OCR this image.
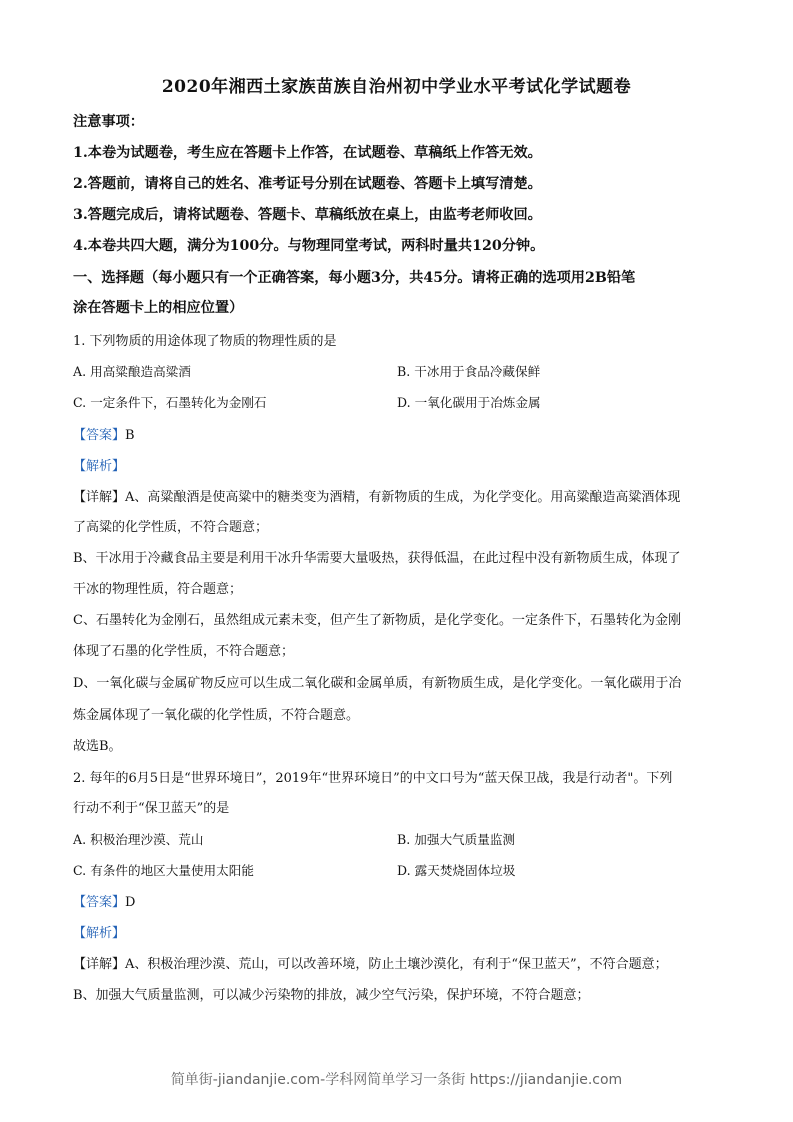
2020年湘西土家族苗族自治州初中学业水平考试化学试题卷
注意事项：
1.本卷为试题卷，考生应在答题卡上作答，在试题卷、草稿纸上作答无效。
2.答题前，请将自己的姓名、准考证号分别在试题卷、答题卡上填写清楚。
3.答题完成后，请将试题卷、答题卡、草稿纸放在桌上，由监考老师收回。
4.本卷共四大题，满分为100分。与物理同堂考试，两科时量共120分钟。
一、选择题（每小题只有一个正确答案，每小题3分，共45分。请将正确的选项用2B铅笔
涂在答题卡上的相应位置）
1. 下列物质的用途体现了物质的物理性质的是
A. 用高粱酿造高粱酒	B. 干冰用于食品冷藏保鲜
C. 一定条件下，石墨转化为金刚石	D. 一氧化碳用于冶炼金属
【答案】B
【解析】
【详解】A、高粱酿酒是使高粱中的糖类变为酒精，有新物质的生成，为化学变化。用高粱酿造高粱酒体现
了高粱的化学性质，不符合题意；
B、干冰用于冷藏食品主要是利用干冰升华需要大量吸热，获得低温，在此过程中没有新物质生成，体现了
干冰的物理性质，符合题意；
C、石墨转化为金刚石，虽然组成元素未变，但产生了新物质，是化学变化。一定条件下，石墨转化为金刚
体现了石墨的化学性质，不符合题意；
D、一氧化碳与金属矿物反应可以生成二氧化碳和金属单质，有新物质生成，是化学变化。一氧化碳用于冶
炼金属体现了一氧化碳的化学性质，不符合题意。
故选B。
2. 每年的6月5日是“世界环境日”，2019年“世界环境日”的中文口号为“蓝天保卫战，我是行动者"。下列
行动不利于“保卫蓝天”的是
A. 积极治理沙漠、荒山	B. 加强大气质量监测
C. 有条件的地区大量使用太阳能	D. 露天焚烧固体垃圾
【答案】D
【解析】
【详解】A、积极治理沙漠、荒山，可以改善环境，防止土壤沙漠化，有利于“保卫蓝天”，不符合题意；
B、加强大气质量监测，可以减少污染物的排放，减少空气污染，保护环境，不符合题意；
简单街-jiandanjie.com-学科网简单学习一条街 https://jiandanjie.com
